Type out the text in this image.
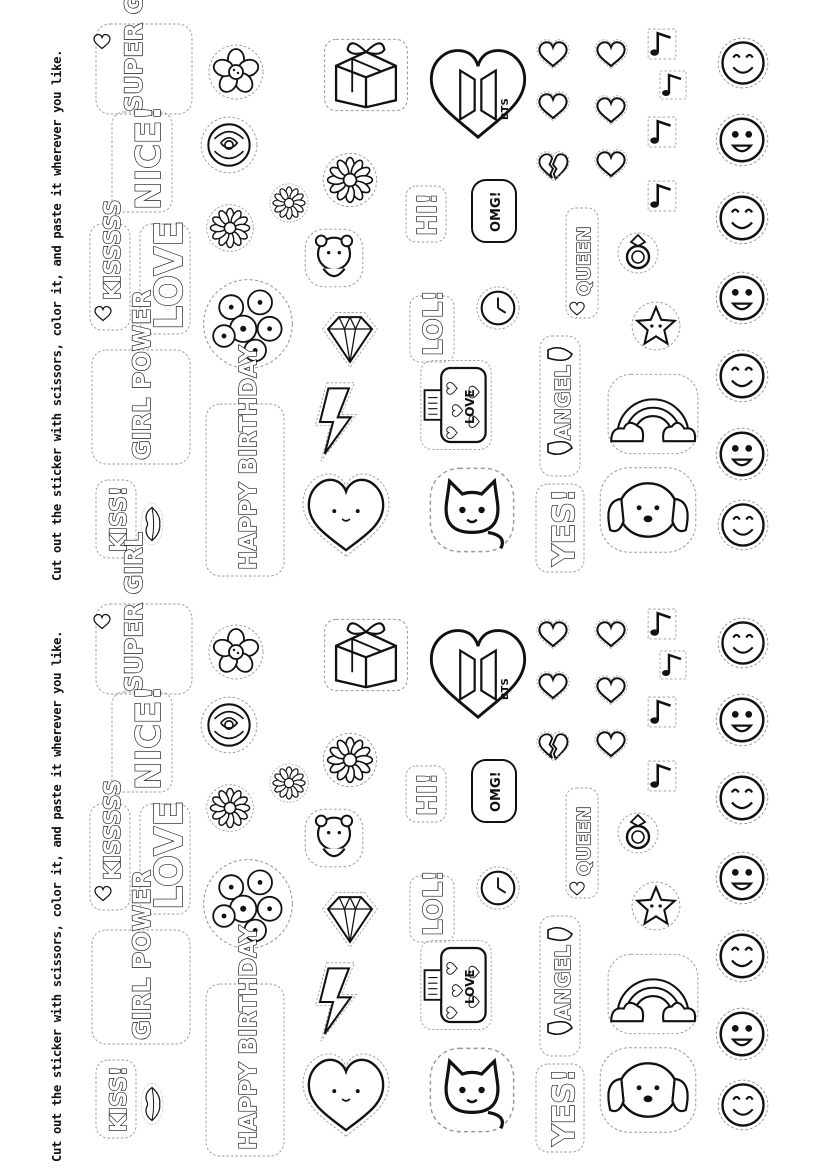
Cut out the sticker with scissors, color it, and paste it wherever you like.
Cut out the sticker with scissors, color it, and paste it wherever you like.
